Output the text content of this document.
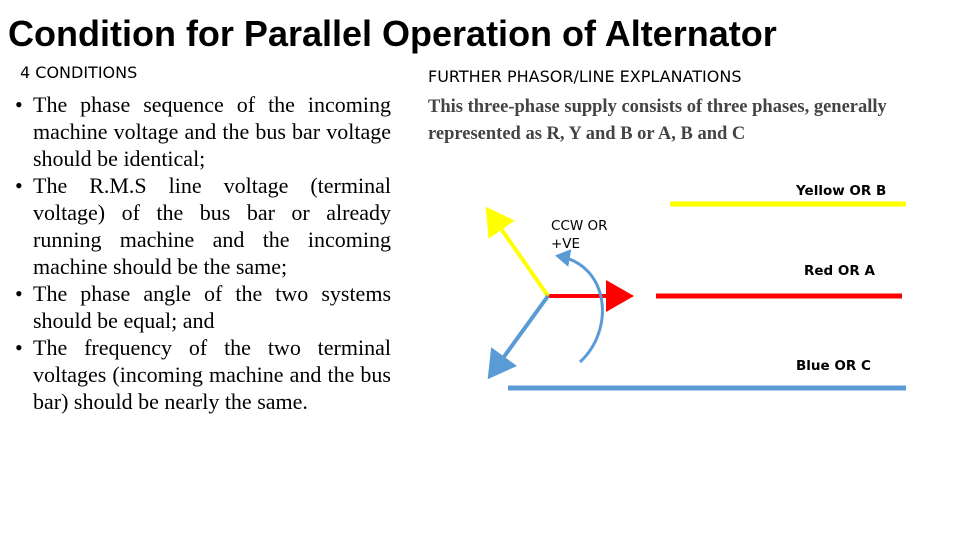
Condition for Parallel Operation of Alternator
4 CONDITIONS
• The phase sequence of the incoming machine voltage and the bus bar voltage should be identical;
• The R.M.S line voltage (terminal voltage) of the bus bar or already running machine and the incoming machine should be the same;
• The phase angle of the two systems should be equal; and
• The frequency of the two terminal voltages (incoming machine and the bus bar) should be nearly the same.
FURTHER PHASOR/LINE EXPLANATIONS
This three-phase supply consists of three phases, generally represented as R, Y and B or A, B and C
Yellow OR B
Red OR A
Blue OR C
CCW OR
+VE
